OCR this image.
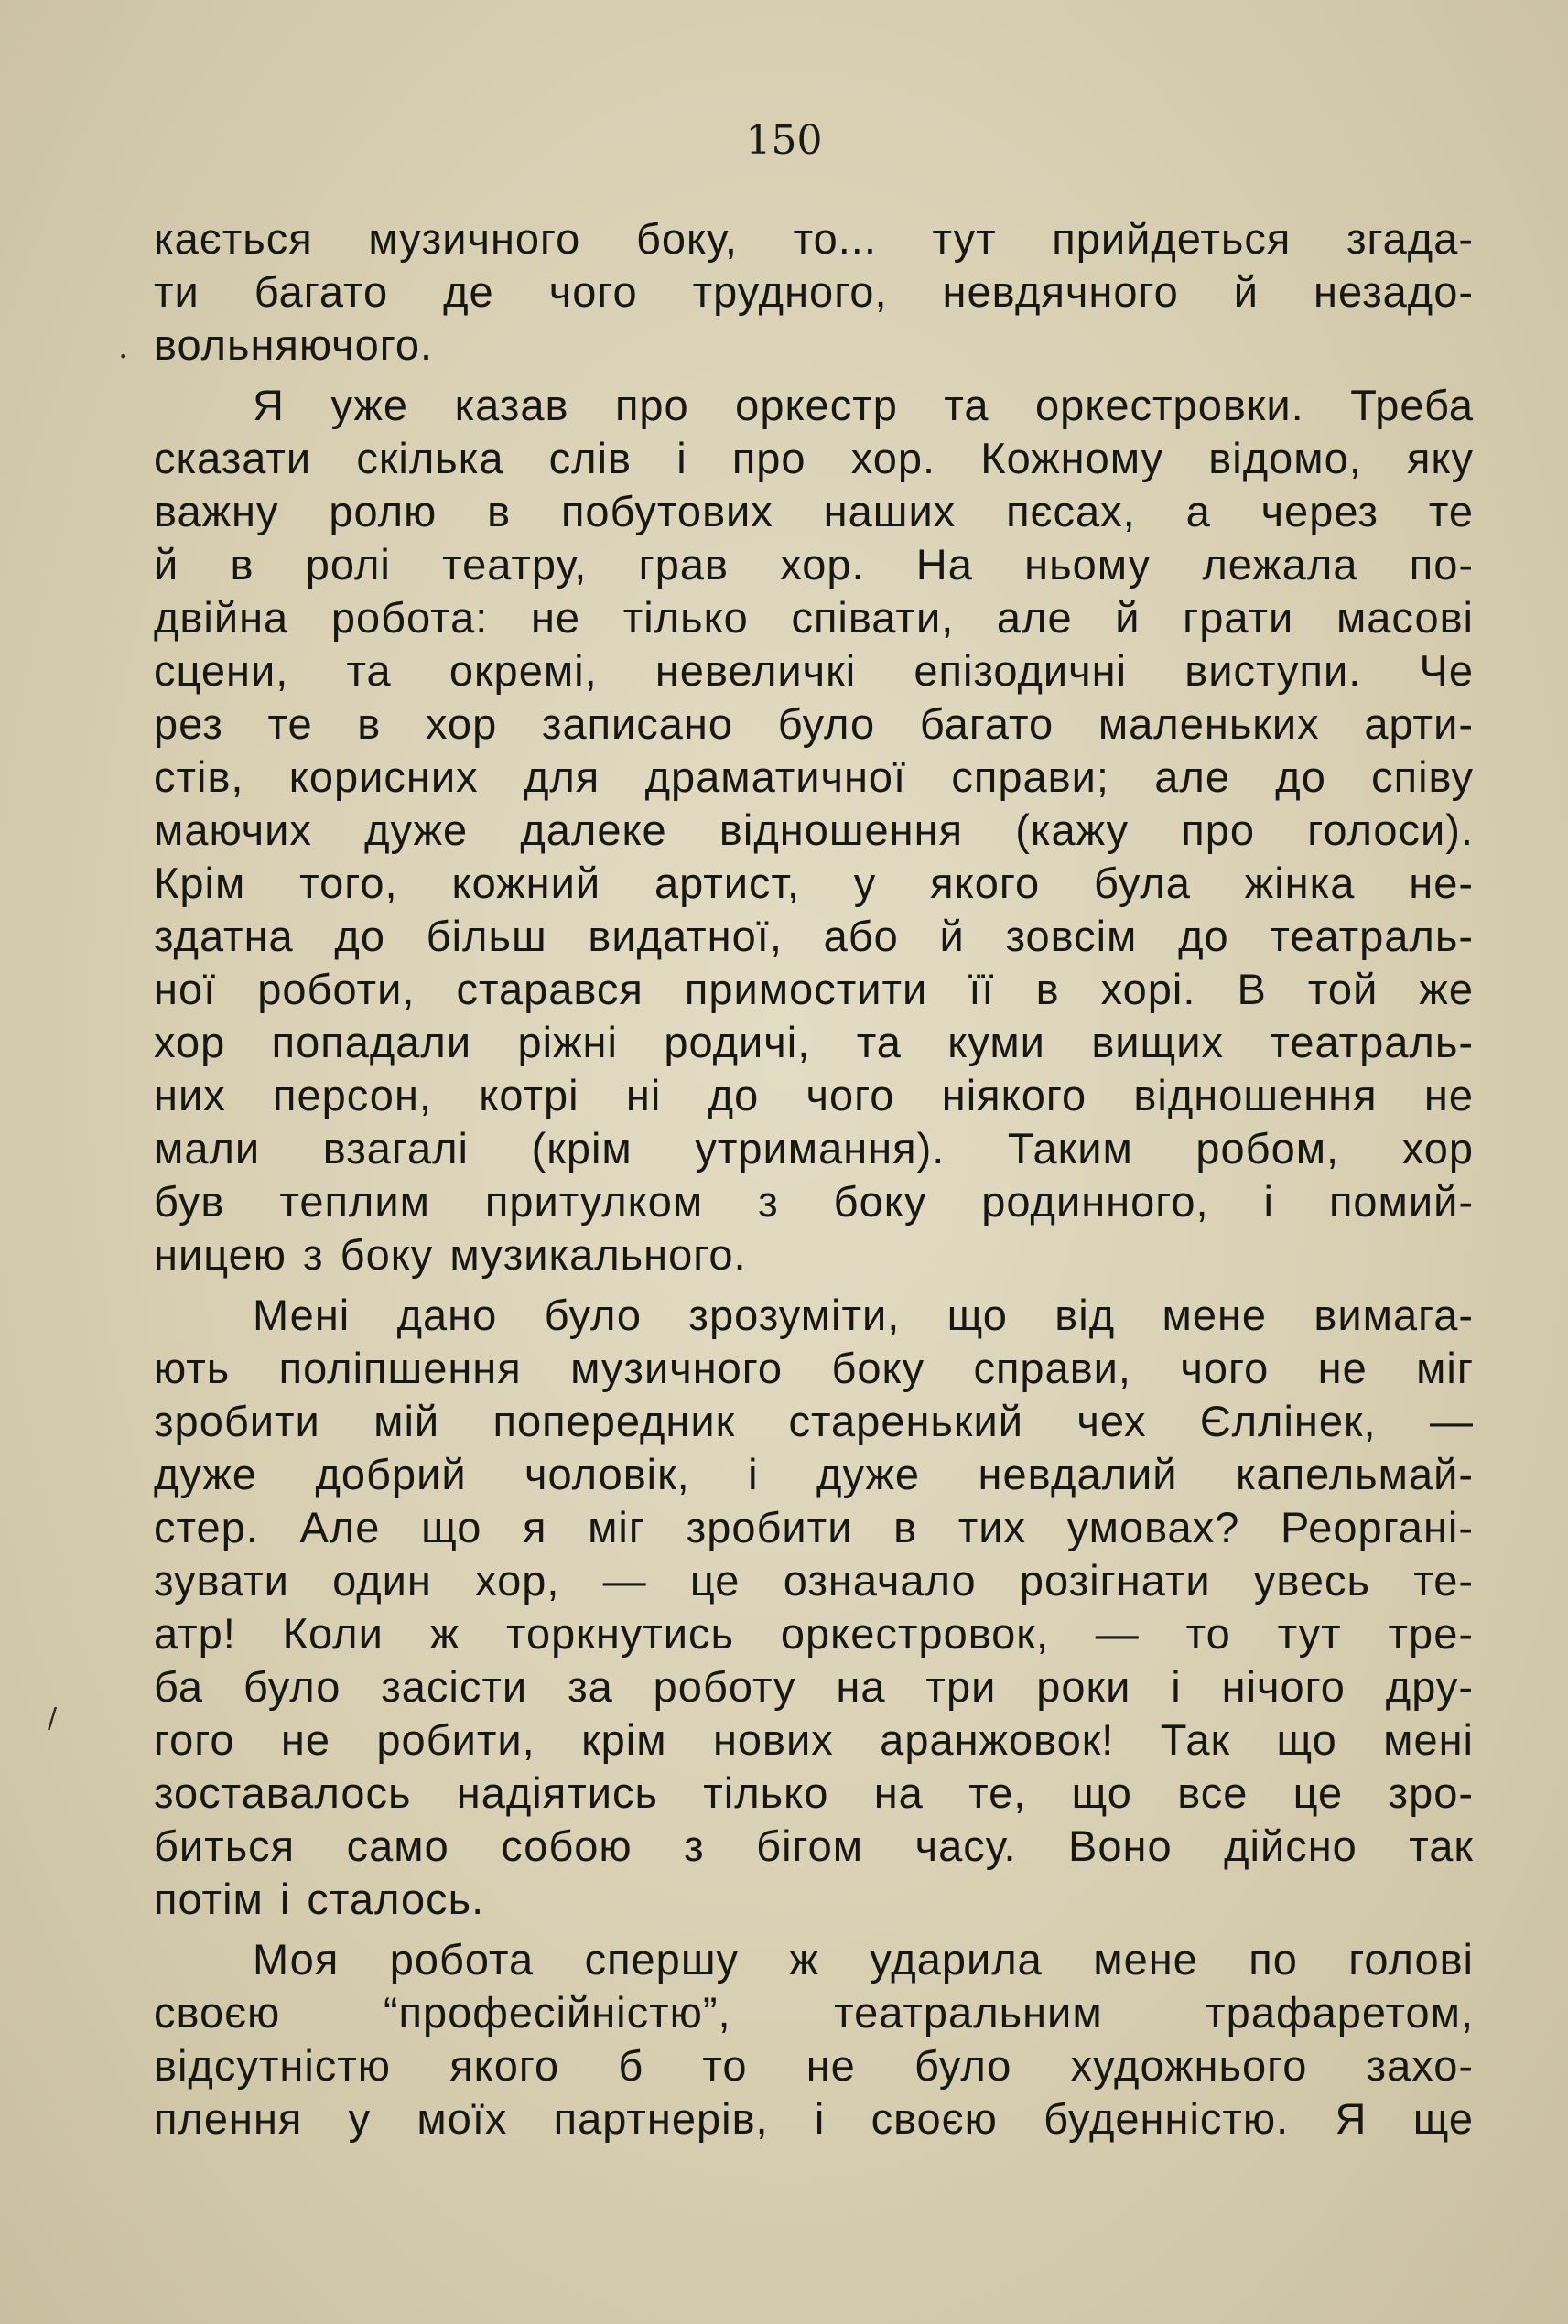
150
кається музичного боку, то... тут прийдеться згада-
ти багато де чого трудного, невдячного й незадо-
вольняючого.
Я уже казав про оркестр та оркестровки. Треба
сказати скілька слів і про хор. Кожному відомо, яку
важну ролю в побутових наших пєсах, а через те
й в ролі театру, грав хор. На ньому лежала по-
двійна робота: не тілько співати, але й грати масові
сцени, та окремі, невеличкі епізодичні виступи. Че
рез те в хор записано було багато маленьких арти-
стів, корисних для драматичної справи; але до співу
маючих дуже далеке відношення (кажу про голоси).
Крім того, кожний артист, у якого була жінка не-
здатна до більш видатної, або й зовсім до театраль-
ної роботи, старався примостити її в хорі. В той же
хор попадали ріжні родичі, та куми вищих театраль-
них персон, котрі ні до чого ніякого відношення не
мали взагалі (крім утримання). Таким робом, хор
був теплим притулком з боку родинного, і помий-
ницею з боку музикального.
Мені дано було зрозуміти, що від мене вимага-
ють поліпшення музичного боку справи, чого не міг
зробити мій попередник старенький чех Єллінек, —
дуже добрий чоловік, і дуже невдалий капельмай-
стер. Але що я міг зробити в тих умовах? Реоргані-
зувати один хор, — це означало розігнати увесь те-
атр! Коли ж торкнутись оркестровок, — то тут тре-
ба було засісти за роботу на три роки і нічого дру-
гого не робити, крім нових аранжовок! Так що мені
зоставалось надіятись тілько на те, що все це зро-
биться само собою з бігом часу. Воно дійсно так
потім і сталось.
Моя робота спершу ж ударила мене по голові
своєю “професійністю”, театральним трафаретом,
відсутністю якого б то не було художнього захо-
плення у моїх партнерів, і своєю буденністю. Я ще
/
•
